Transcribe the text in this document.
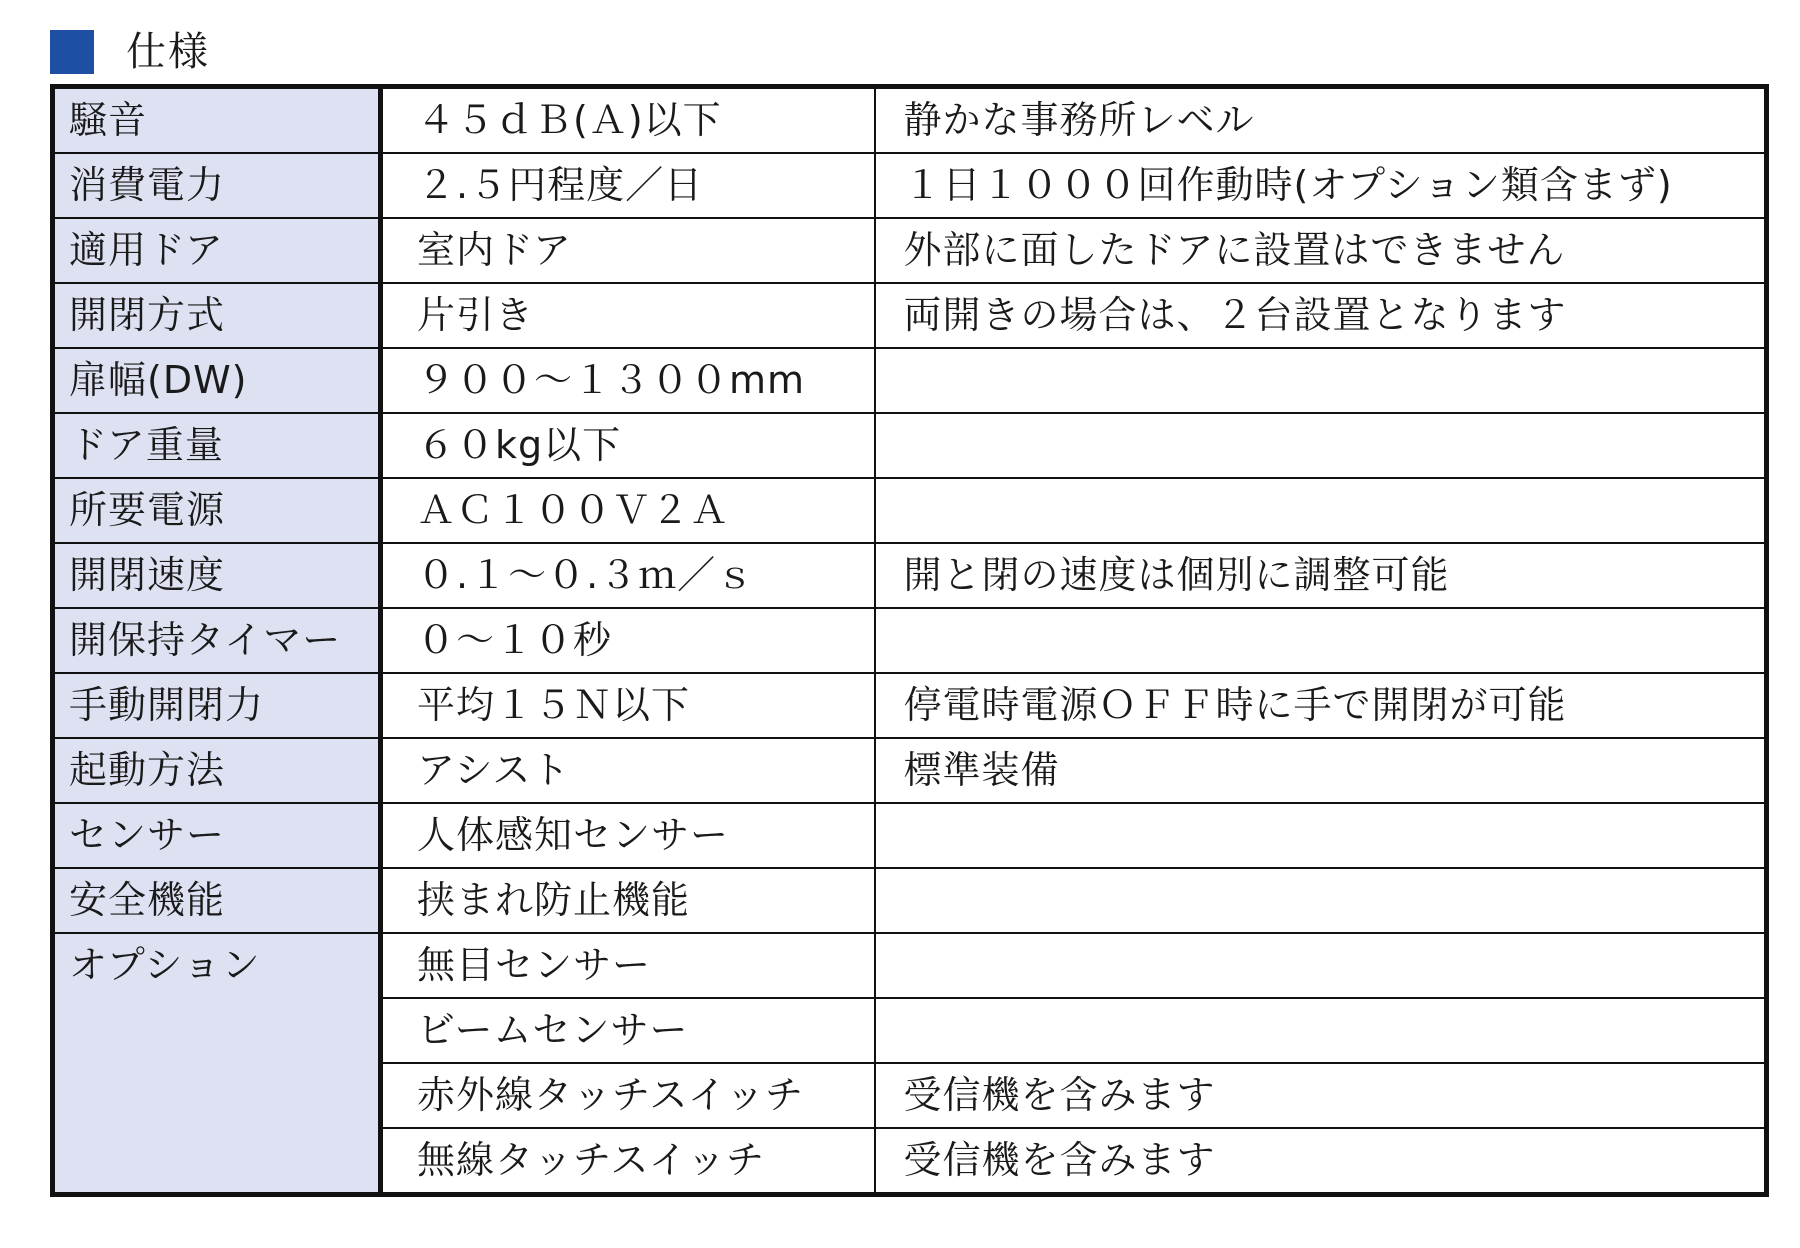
仕様
騒音	４５ｄＢ(Ａ)以下	静かな事務所レベル
消費電力	２.５円程度／日	１日１０００回作動時(オプション類含まず)
適用ドア	室内ドア	外部に面したドアに設置はできません
開閉方式	片引き	両開きの場合は、２台設置となります
扉幅(DW)	９００～１３００mm	
ドア重量	６０kg以下	
所要電源	ＡＣ１００Ｖ２Ａ	
開閉速度	０.１～０.３ｍ／ｓ	開と閉の速度は個別に調整可能
開保持タイマー	０～１０秒	
手動開閉力	平均１５Ｎ以下	停電時電源ＯＦＦ時に手で開閉が可能
起動方法	アシスト	標準装備
センサー	人体感知センサー	
安全機能	挟まれ防止機能	
オプション	無目センサー	
	ビームセンサー	
	赤外線タッチスイッチ	受信機を含みます
	無線タッチスイッチ	受信機を含みます
